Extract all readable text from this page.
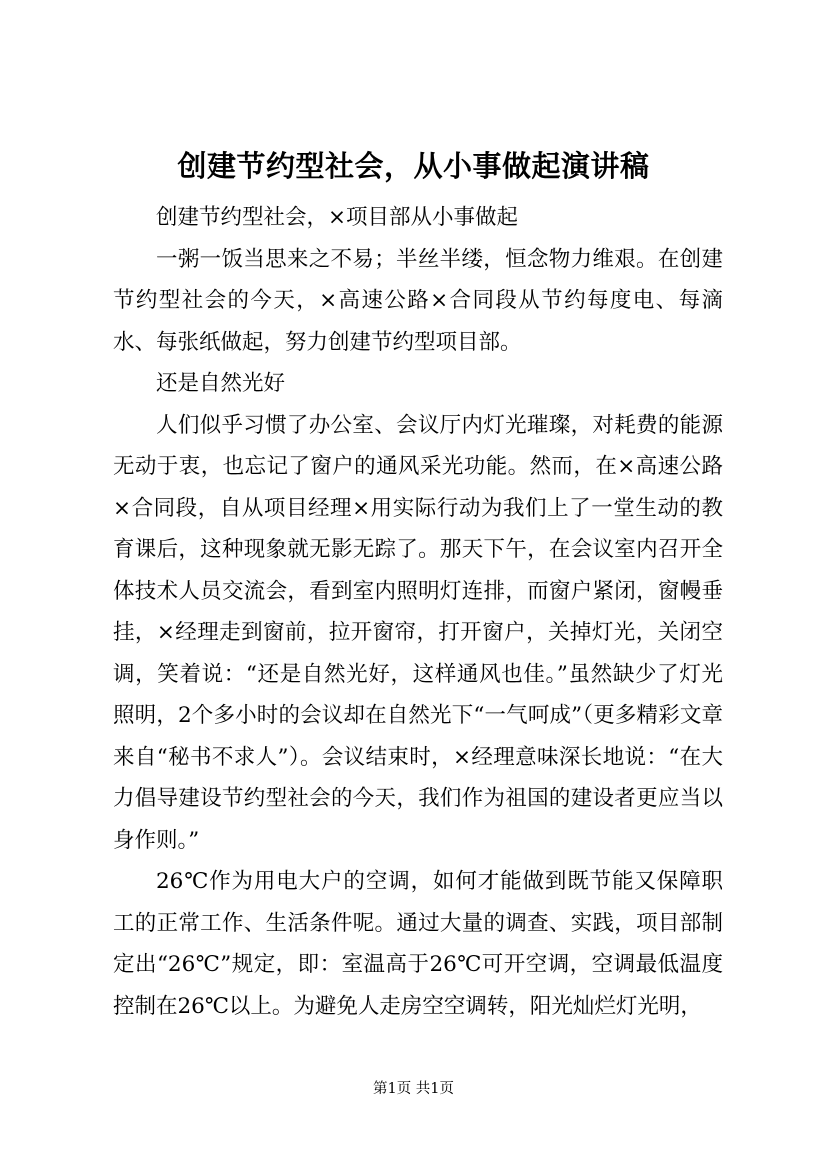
创建节约型社会，从小事做起演讲稿

创建节约型社会，×项目部从小事做起

一粥一饭当思来之不易；半丝半缕，恒念物力维艰。在创建节约型社会的今天，×高速公路×合同段从节约每度电、每滴水、每张纸做起，努力创建节约型项目部。

还是自然光好

人们似乎习惯了办公室、会议厅内灯光璀璨，对耗费的能源无动于衷，也忘记了窗户的通风采光功能。然而，在×高速公路×合同段，自从项目经理×用实际行动为我们上了一堂生动的教育课后，这种现象就无影无踪了。那天下午，在会议室内召开全体技术人员交流会，看到室内照明灯连排，而窗户紧闭，窗幔垂挂，×经理走到窗前，拉开窗帘，打开窗户，关掉灯光，关闭空调，笑着说：“还是自然光好，这样通风也佳。”虽然缺少了灯光照明，2个多小时的会议却在自然光下“一气呵成”（更多精彩文章来自“秘书不求人”）。会议结束时，×经理意味深长地说：“在大力倡导建设节约型社会的今天，我们作为祖国的建设者更应当以身作则。”

26℃作为用电大户的空调，如何才能做到既节能又保障职工的正常工作、生活条件呢。通过大量的调查、实践，项目部制定出“26℃”规定，即：室温高于26℃可开空调，空调最低温度控制在26℃以上。为避免人走房空空调转，阳光灿烂灯光明，

第1页 共1页
